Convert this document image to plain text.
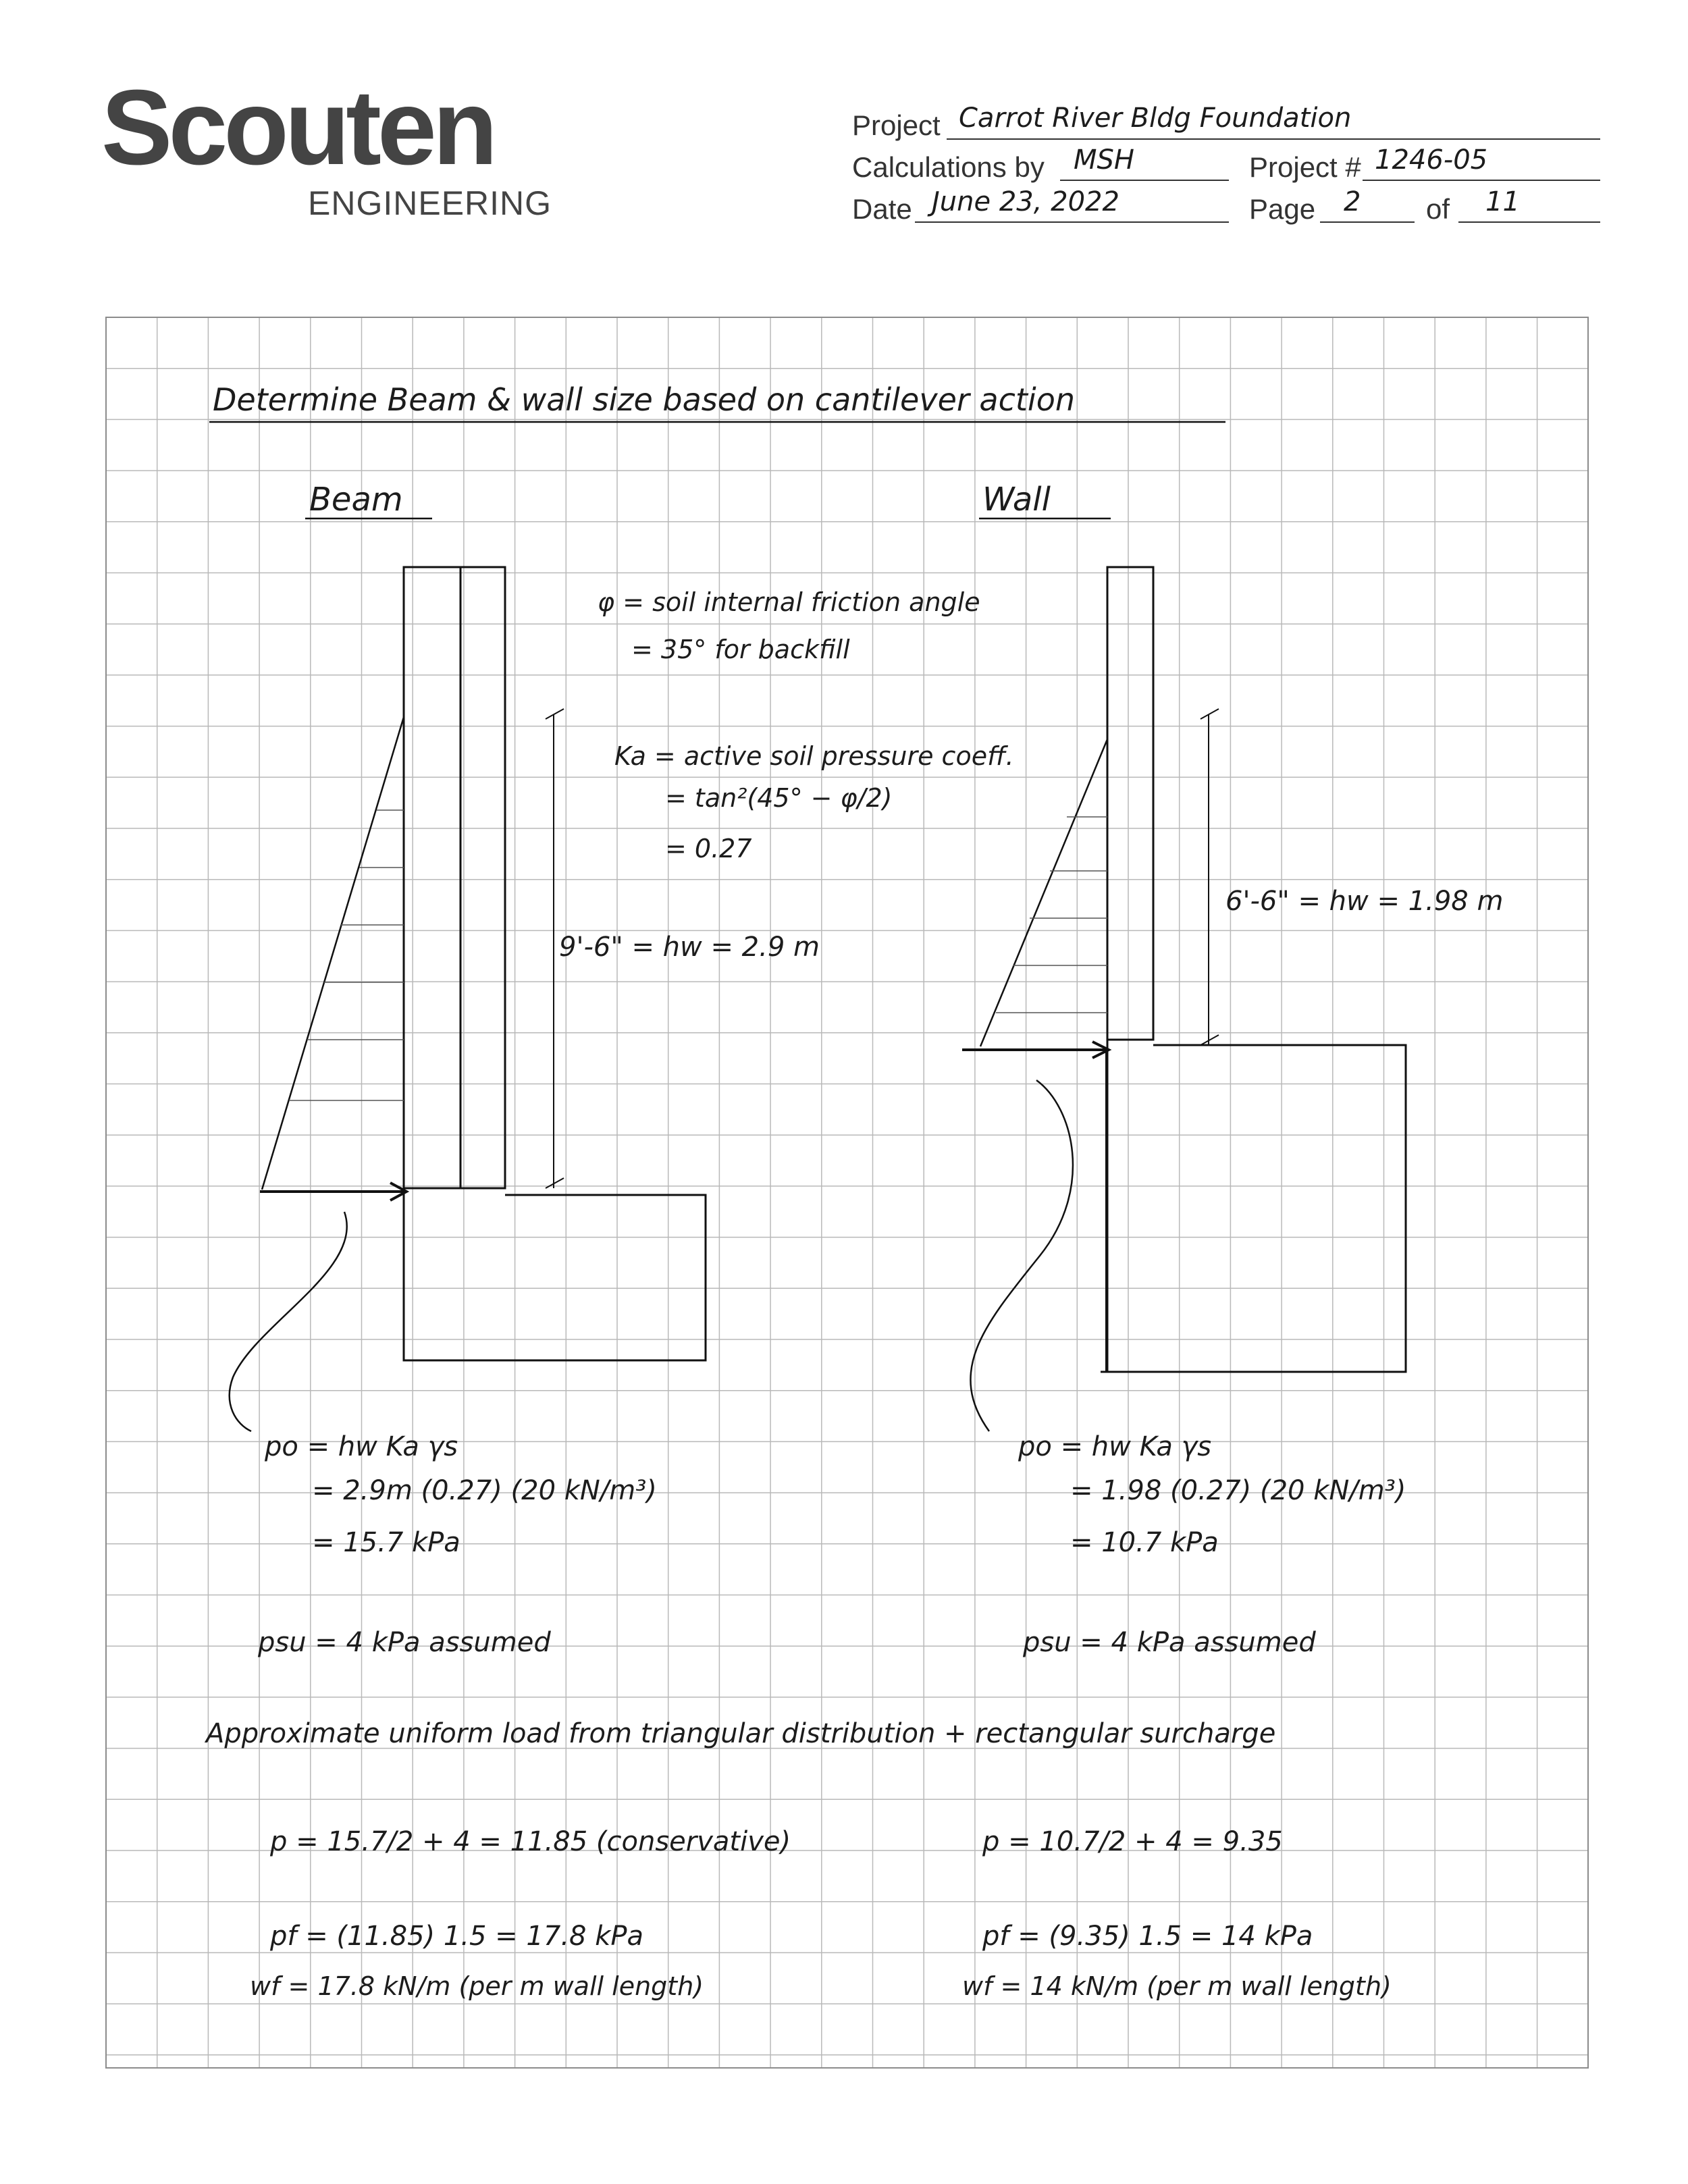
Scouten
ENGINEERING
Project Carrot River Bldg Foundation
Calculations by MSH	Project # 1246-05
Date June 23, 2022	Page 2 of 11
Determine Beam & wall size based on cantilever action
Beam	Wall
φ = soil internal friction angle
= 35° for backfill
Ka = active soil pressure coeff.
= tan²(45° − φ/2)
= 0.27
9'-6" = hw = 2.9 m
6'-6" = hw = 1.98 m
po = hw Ka γs
= 2.9m (0.27) (20 kN/m³)
= 15.7 kPa
po = hw Ka γs
= 1.98 (0.27) (20 kN/m³)
= 10.7 kPa
psu = 4 kPa assumed	psu = 4 kPa assumed
Approximate uniform load from triangular distribution + rectangular surcharge
p = 15.7/2 + 4 = 11.85 (conservative)	p = 10.7/2 + 4 = 9.35
pf = (11.85) 1.5 = 17.8 kPa	pf = (9.35) 1.5 = 14 kPa
wf = 17.8 kN/m (per m wall length)	wf = 14 kN/m (per m wall length)
